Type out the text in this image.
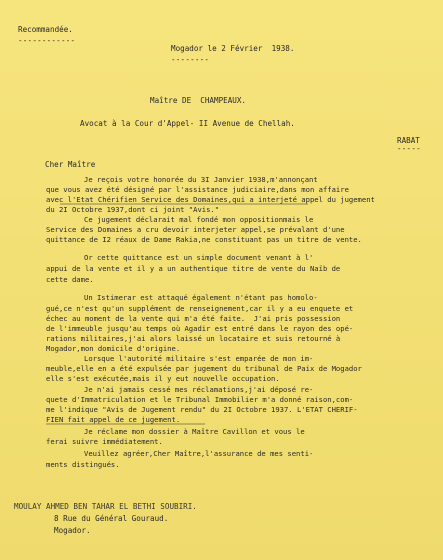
Recommandée.
------------
Mogador le 2 Février  1938.
--------
Maître DE  CHAMPEAUX.
Avocat à la Cour d'Appel- II Avenue de Chellah.
RABAT
-----
Cher Maître
Je reçois votre honorée du 3I Janvier 1938,m'annonçant
que vous avez été désigné par l'assistance judiciaire,dans mon affaire
avec l'Etat Chérifien Service des Domaines,qui a interjeté appel du jugement
du 2I Octobre 1937,dont ci joint "Avis."
Ce jugement déclarait mal fondé mon oppositionmais le
Service des Domaines a cru devoir interjeter appel,se prévalant d'une
quittance de I2 réaux de Dame Rakia,ne constituant pas un titre de vente.
Or cette quittance est un simple document venant à l'
appui de la vente et il y a un authentique titre de vente du Naïb de
cette dame.
Un Istimerar est attaqué également n'étant pas homolo-
gué,ce n'est qu'un supplément de renseignement,car il y a eu enquete et
échec au moment de la vente qui m'a été faite.  J'ai pris possession
de l'immeuble jusqu'au temps où Agadir est entré dans le rayon des opé-
rations militaires,j'ai alors laissé un locataire et suis retourné à
Mogador,mon domicile d'origine.
Lorsque l'autorité militaire s'est emparée de mon im-
meuble,elle en a été expulsée par jugement du tribunal de Paix de Mogador
elle s'est exécutée,mais il y eut nouvelle occupation.
Je n'ai jamais cessé mes réclamations,j'ai déposé re-
quete d'Immatriculation et le Tribunal Immobilier m'a donné raison,com-
me l'indique "Avis de Jugement rendu" du 2I Octobre 1937. L'ETAT CHERIF-
FIEN fait appel de ce jugement.
Je réclame mon dossier à Maître Cavillon et vous le
ferai suivre immédiatement.
Veuillez agréer,Cher Maître,l'assurance de mes senti-
ments distingués.
MOULAY AHMED BEN TAHAR EL BETHI SOUBIRI.
8 Rue du Général Gouraud.
Mogador.
